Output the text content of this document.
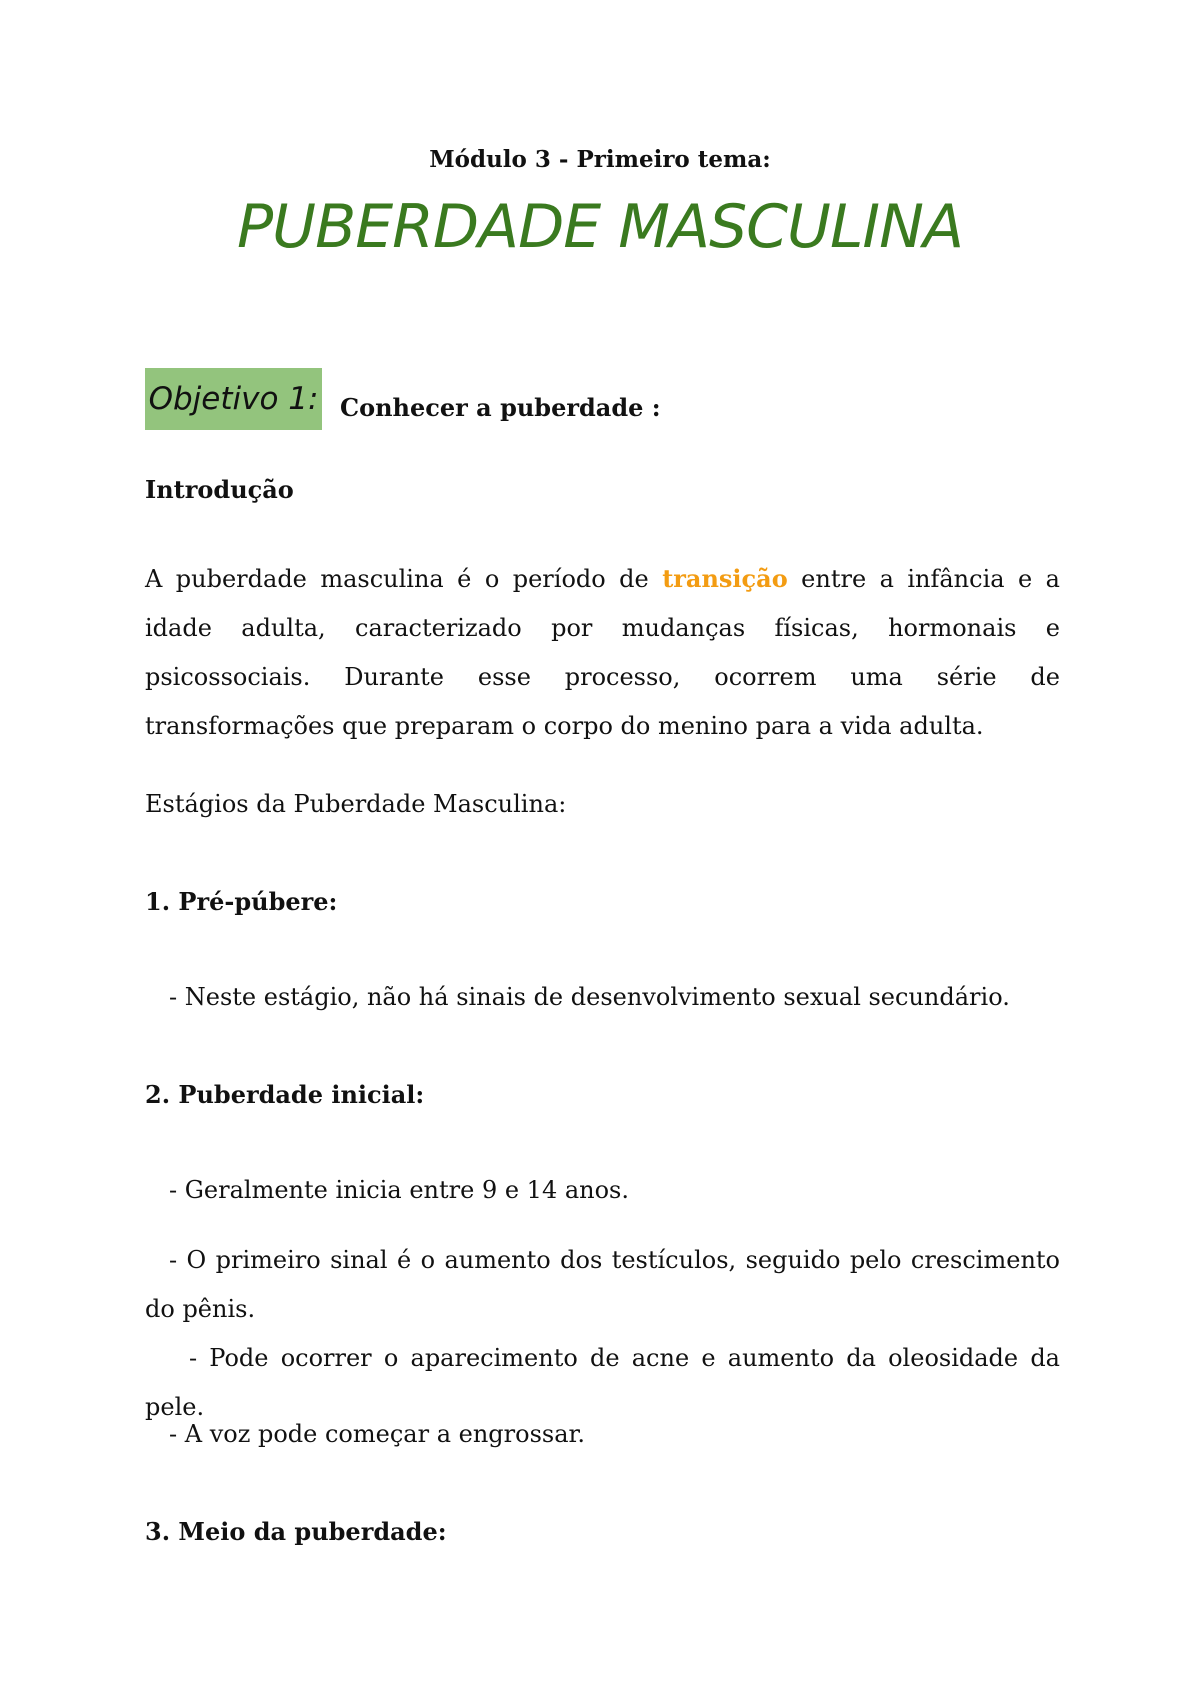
Módulo 3 - Primeiro tema:

PUBERDADE MASCULINA

Objetivo 1: Conhecer a puberdade :

Introdução

A puberdade masculina é o período de transição entre a infância e a idade adulta, caracterizado por mudanças físicas, hormonais e psicossociais. Durante esse processo, ocorrem uma série de transformações que preparam o corpo do menino para a vida adulta.

Estágios da Puberdade Masculina:

1. Pré-púbere:

- Neste estágio, não há sinais de desenvolvimento sexual secundário.

2. Puberdade inicial:

- Geralmente inicia entre 9 e 14 anos.

- O primeiro sinal é o aumento dos testículos, seguido pelo crescimento do pênis.

- Pode ocorrer o aparecimento de acne e aumento da oleosidade da pele.

- A voz pode começar a engrossar.

3. Meio da puberdade:
